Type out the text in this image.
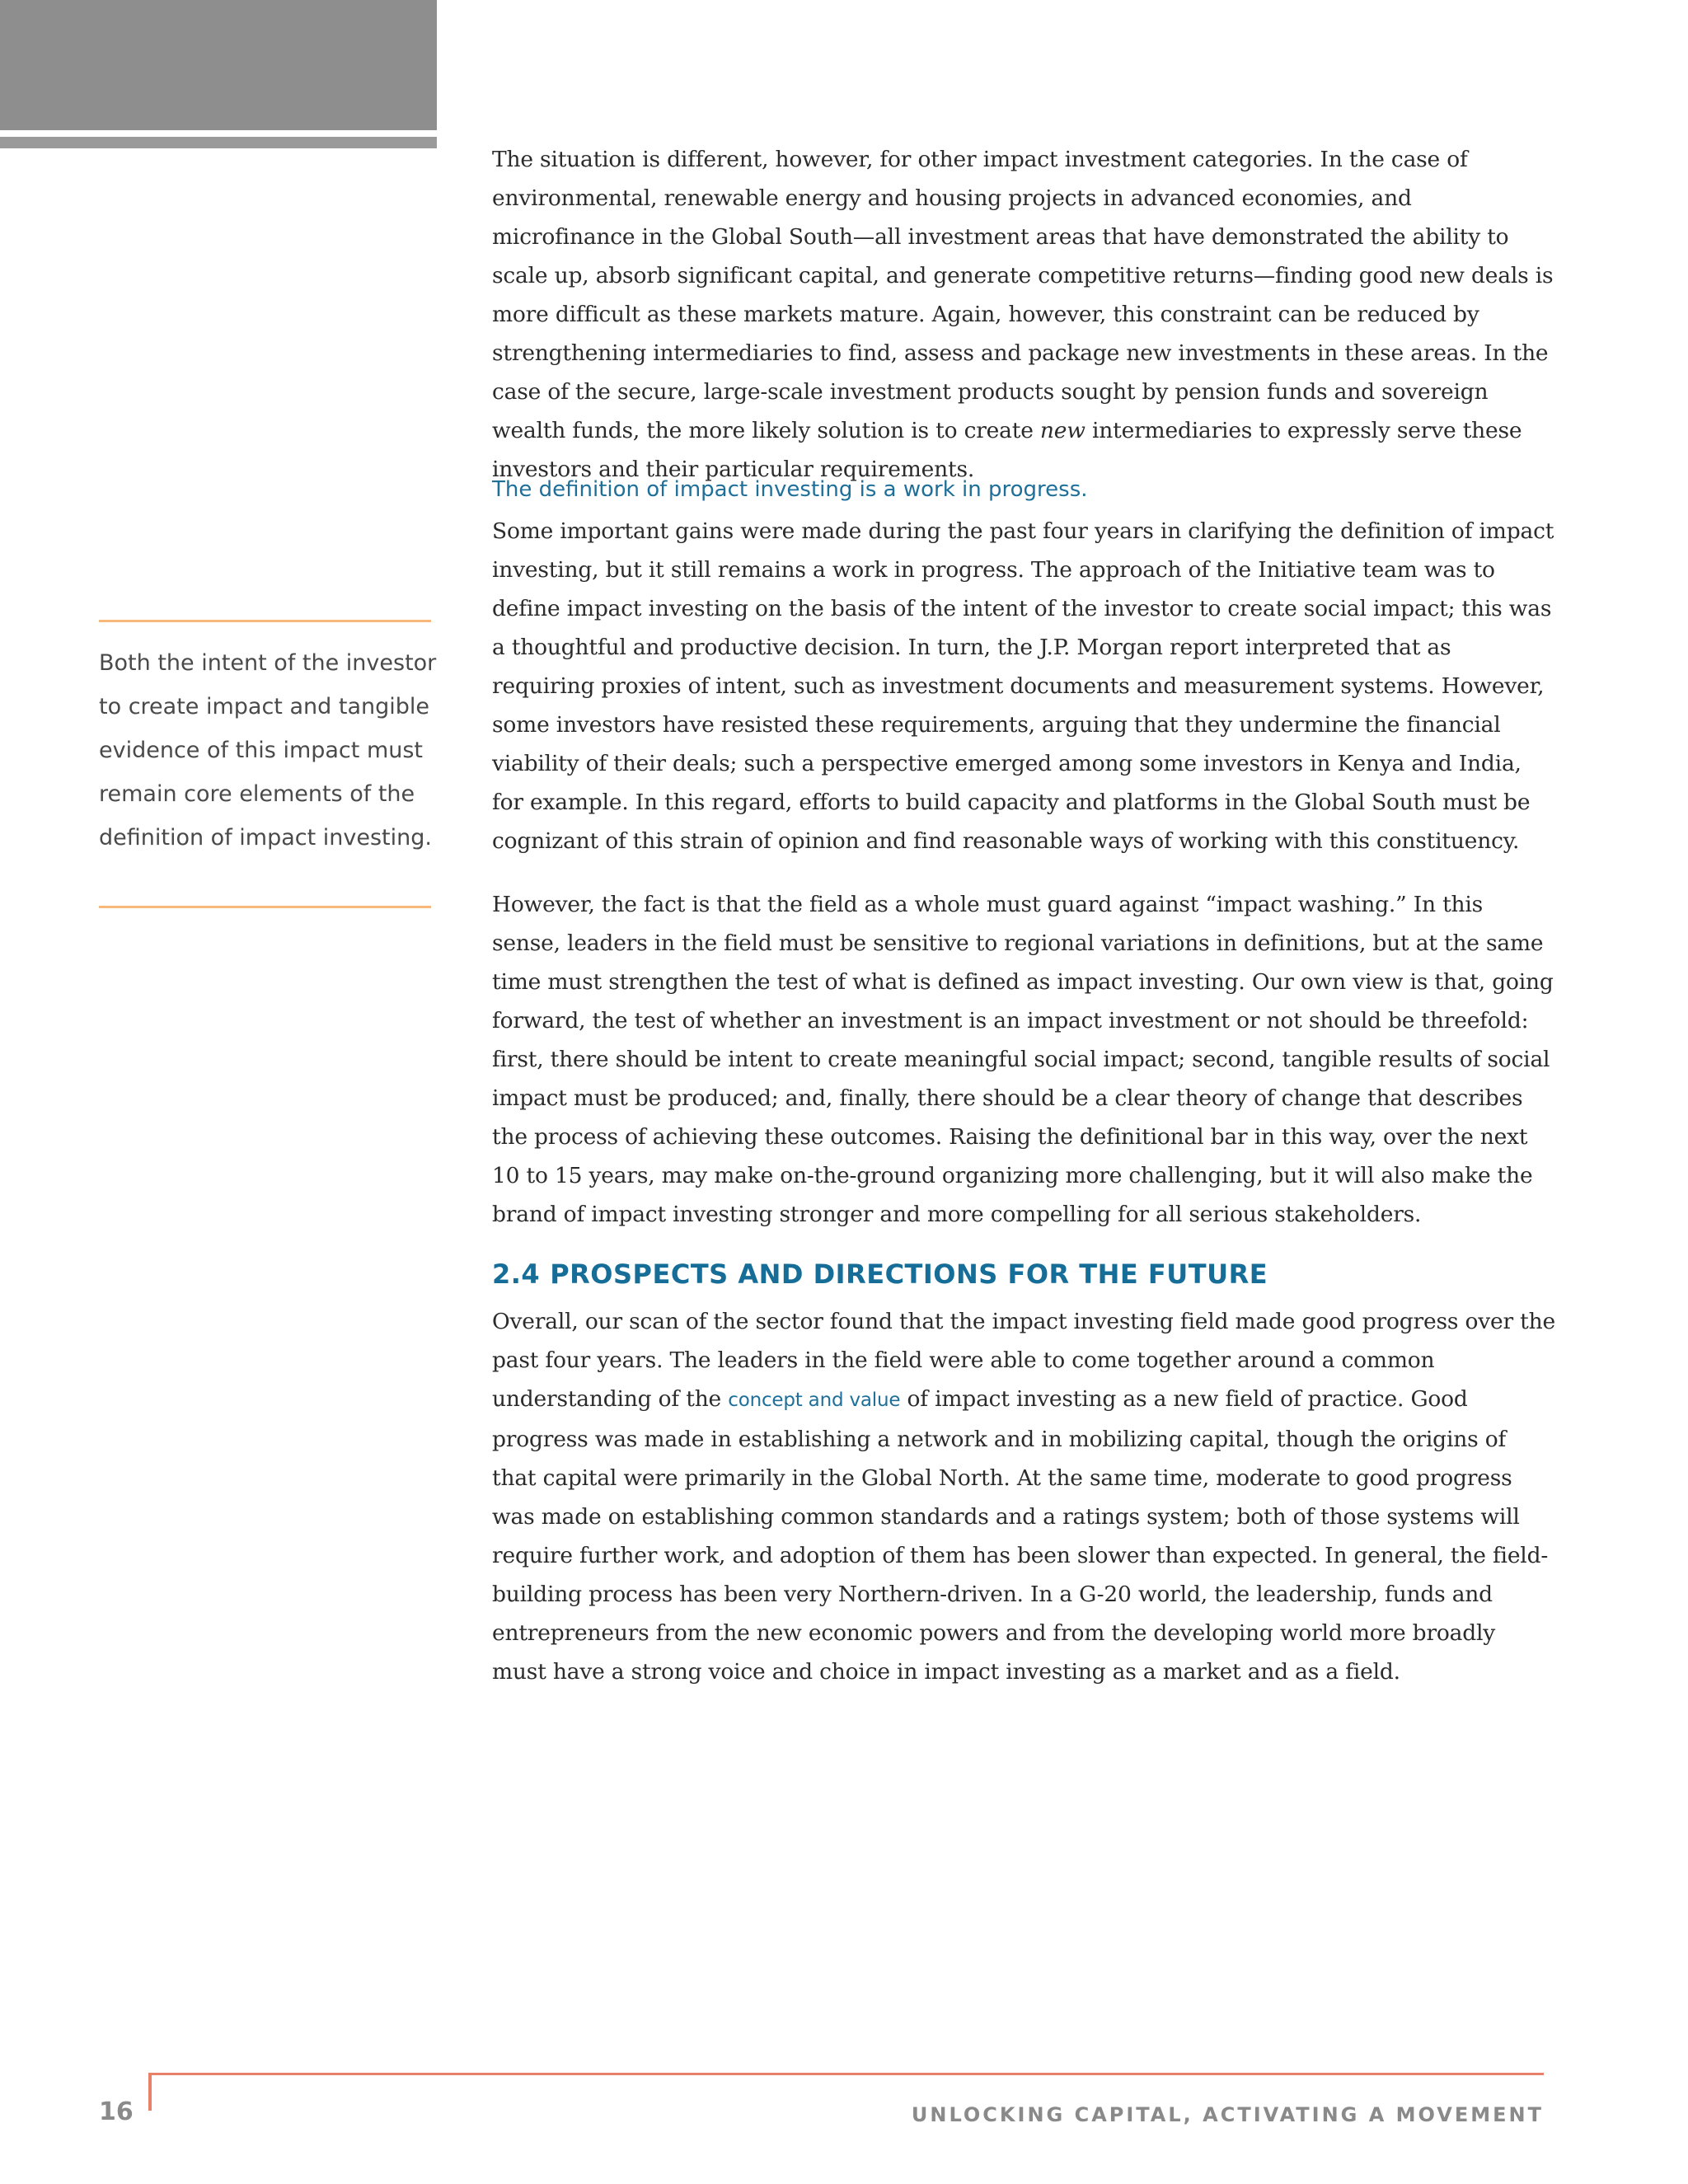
Both the intent of the investor to create impact and tangible evidence of this impact must remain core elements of the definition of impact investing.

The situation is different, however, for other impact investment categories. In the case of environmental, renewable energy and housing projects in advanced economies, and microfinance in the Global South—all investment areas that have demonstrated the ability to scale up, absorb significant capital, and generate competitive returns—finding good new deals is more difficult as these markets mature. Again, however, this constraint can be reduced by strengthening intermediaries to find, assess and package new investments in these areas. In the case of the secure, large-scale investment products sought by pension funds and sovereign wealth funds, the more likely solution is to create new intermediaries to expressly serve these investors and their particular requirements.

The definition of impact investing is a work in progress.

Some important gains were made during the past four years in clarifying the definition of impact investing, but it still remains a work in progress. The approach of the Initiative team was to define impact investing on the basis of the intent of the investor to create social impact; this was a thoughtful and productive decision. In turn, the J.P. Morgan report interpreted that as requiring proxies of intent, such as investment documents and measurement systems. However, some investors have resisted these requirements, arguing that they undermine the financial viability of their deals; such a perspective emerged among some investors in Kenya and India, for example. In this regard, efforts to build capacity and platforms in the Global South must be cognizant of this strain of opinion and find reasonable ways of working with this constituency.

However, the fact is that the field as a whole must guard against “impact washing.” In this sense, leaders in the field must be sensitive to regional variations in definitions, but at the same time must strengthen the test of what is defined as impact investing. Our own view is that, going forward, the test of whether an investment is an impact investment or not should be threefold: first, there should be intent to create meaningful social impact; second, tangible results of social impact must be produced; and, finally, there should be a clear theory of change that describes the process of achieving these outcomes. Raising the definitional bar in this way, over the next 10 to 15 years, may make on-the-ground organizing more challenging, but it will also make the brand of impact investing stronger and more compelling for all serious stakeholders.

2.4 PROSPECTS AND DIRECTIONS FOR THE FUTURE

Overall, our scan of the sector found that the impact investing field made good progress over the past four years. The leaders in the field were able to come together around a common understanding of the concept and value of impact investing as a new field of practice. Good progress was made in establishing a network and in mobilizing capital, though the origins of that capital were primarily in the Global North. At the same time, moderate to good progress was made on establishing common standards and a ratings system; both of those systems will require further work, and adoption of them has been slower than expected. In general, the field-building process has been very Northern-driven. In a G-20 world, the leadership, funds and entrepreneurs from the new economic powers and from the developing world more broadly must have a strong voice and choice in impact investing as a market and as a field.

16	UNLOCKING CAPITAL, ACTIVATING A MOVEMENT
